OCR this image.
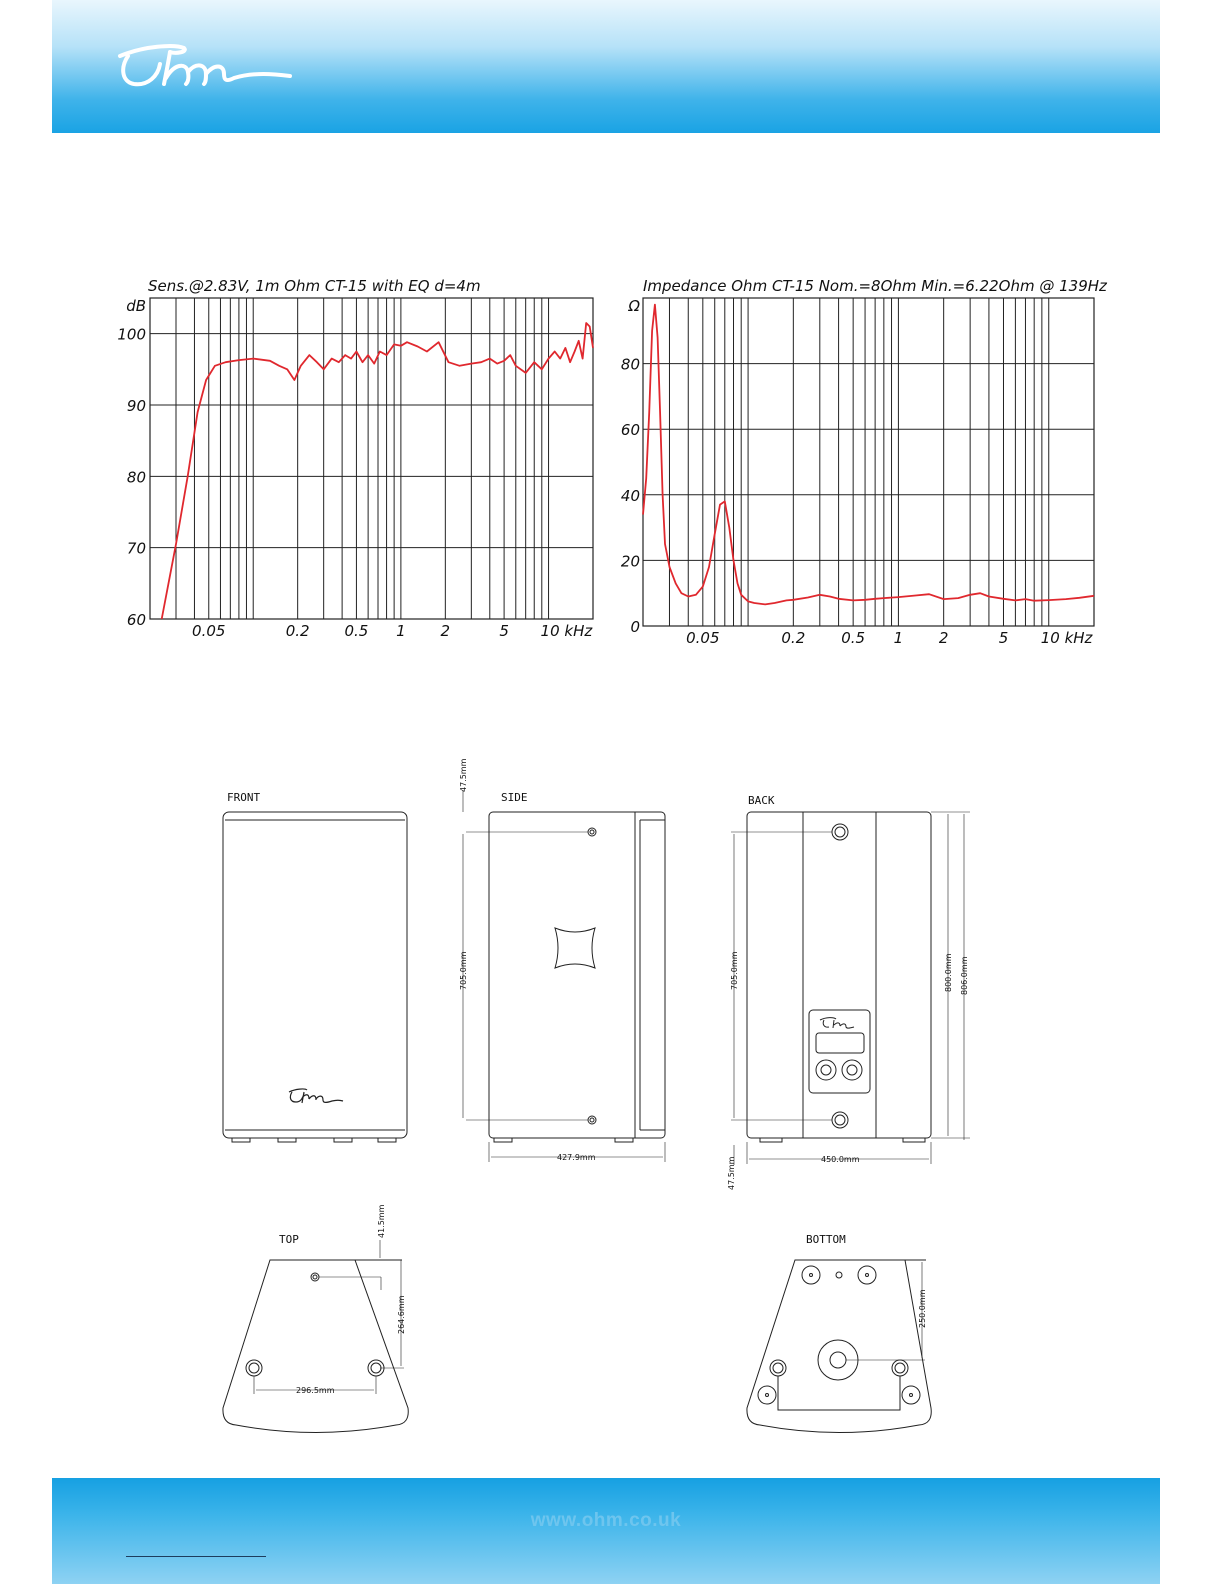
Ohm
60
70
80
90
100
0.05	0.2 0.5 1 2	5 10 kHz
dB
Sens.@2.83V, 1m Ohm CT-15 with EQ d=4m
0
20
40
60
80
0.05	0.2 0.5 1 2	5 10 kHz
Ω
Impedance Ohm CT-15 Nom.=8Ohm Min.=6.22Ohm @ 139Hz
FRONT	SIDE	BACK
TOP	BOTTOM
47.5mm
705.0mm
427.9mm
705.0mm	800.0mm 806.0mm
450.0mm
47.5mm
41.5mm
264.6mm
296.5mm
250.0mm
www.ohm.co.uk
